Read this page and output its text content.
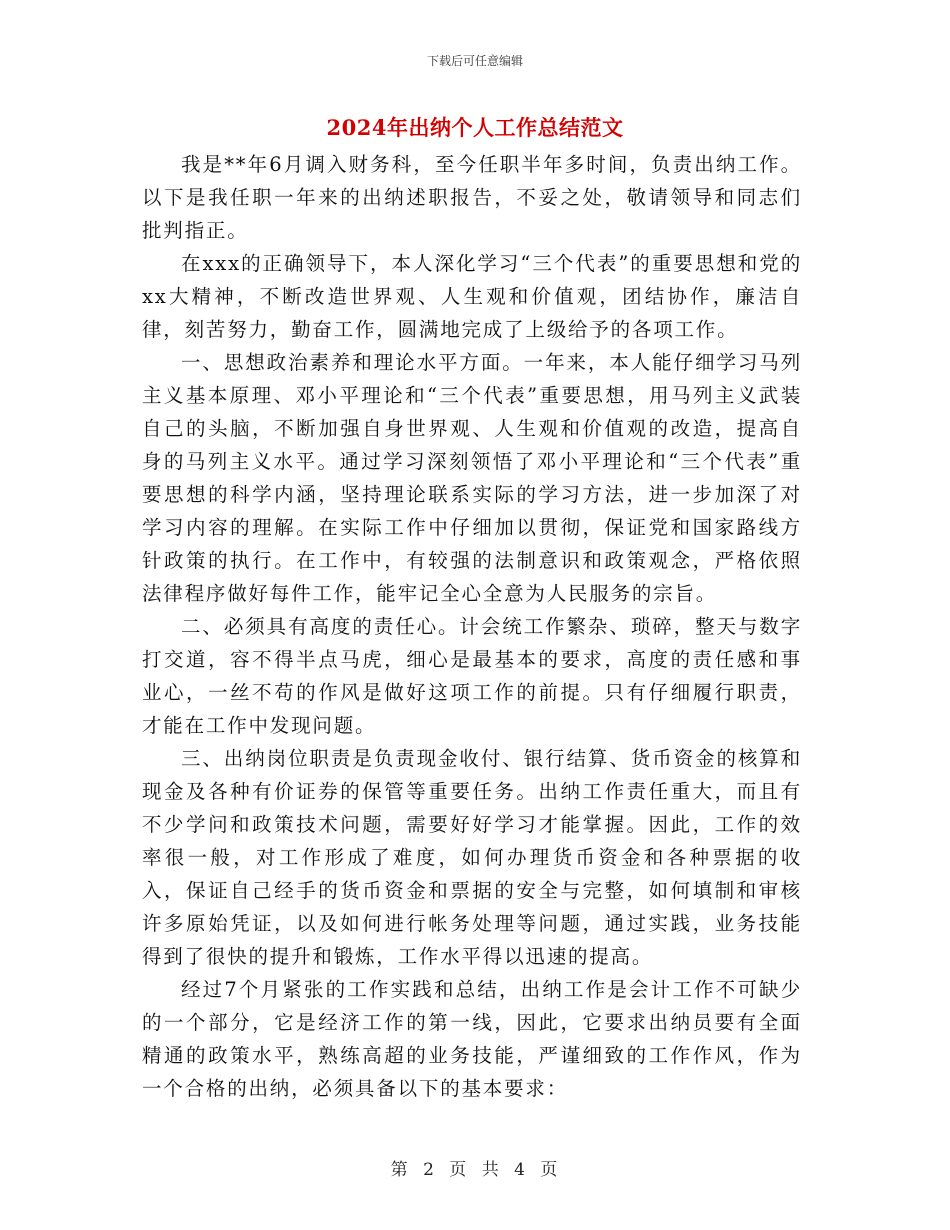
下载后可任意编辑
2024年出纳个人工作总结范文

我是**年6月调入财务科，至今任职半年多时间，负责出纳工作。以下是我任职一年来的出纳述职报告，不妥之处，敬请领导和同志们批判指正。

在xxx的正确领导下，本人深化学习“三个代表”的重要思想和党的xx大精神，不断改造世界观、人生观和价值观，团结协作，廉洁自律，刻苦努力，勤奋工作，圆满地完成了上级给予的各项工作。

一、思想政治素养和理论水平方面。一年来，本人能仔细学习马列主义基本原理、邓小平理论和“三个代表”重要思想，用马列主义武装自己的头脑，不断加强自身世界观、人生观和价值观的改造，提高自身的马列主义水平。通过学习深刻领悟了邓小平理论和“三个代表”重要思想的科学内涵，坚持理论联系实际的学习方法，进一步加深了对学习内容的理解。在实际工作中仔细加以贯彻，保证党和国家路线方针政策的执行。在工作中，有较强的法制意识和政策观念，严格依照法律程序做好每件工作，能牢记全心全意为人民服务的宗旨。

二、必须具有高度的责任心。计会统工作繁杂、琐碎，整天与数字打交道，容不得半点马虎，细心是最基本的要求，高度的责任感和事业心，一丝不苟的作风是做好这项工作的前提。只有仔细履行职责，才能在工作中发现问题。

三、出纳岗位职责是负责现金收付、银行结算、货币资金的核算和现金及各种有价证券的保管等重要任务。出纳工作责任重大，而且有不少学问和政策技术问题，需要好好学习才能掌握。因此，工作的效率很一般，对工作形成了难度，如何办理货币资金和各种票据的收入，保证自己经手的货币资金和票据的安全与完整，如何填制和审核许多原始凭证，以及如何进行帐务处理等问题，通过实践，业务技能得到了很快的提升和锻炼，工作水平得以迅速的提高。

经过7个月紧张的工作实践和总结，出纳工作是会计工作不可缺少的一个部分，它是经济工作的第一线，因此，它要求出纳员要有全面精通的政策水平，熟练高超的业务技能，严谨细致的工作作风，作为一个合格的出纳，必须具备以下的基本要求：

第 2 页 共 4 页
